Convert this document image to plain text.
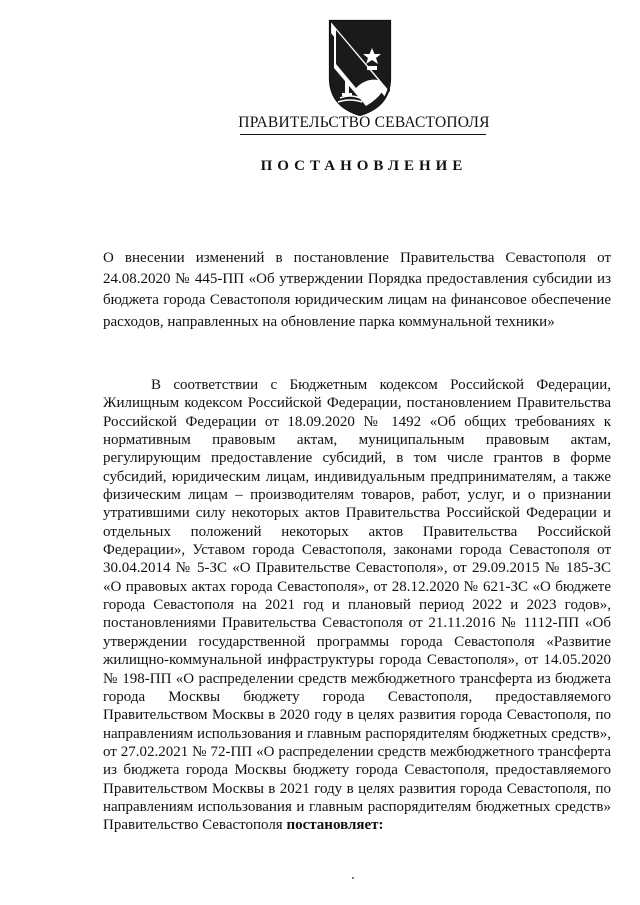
ПРАВИТЕЛЬСТВО СЕВАСТОПОЛЯ
ПОСТАНОВЛЕНИЕ
О внесении изменений в постановление Правительства Севастополя от 24.08.2020 № 445-ПП «Об утверждении Порядка предоставления субсидии из бюджета города Севастополя юридическим лицам на финансовое обеспечение расходов, направленных на обновление парка коммунальной техники»

В соответствии с Бюджетным кодексом Российской Федерации, Жилищным кодексом Российской Федерации, постановлением Правительства Российской Федерации от 18.09.2020 № 1492 «Об общих требованиях к нормативным правовым актам, муниципальным правовым актам, регулирующим предоставление субсидий, в том числе грантов в форме субсидий, юридическим лицам, индивидуальным предпринимателям, а также физическим лицам – производителям товаров, работ, услуг, и о признании утратившими силу некоторых актов Правительства Российской Федерации и отдельных положений некоторых актов Правительства Российской Федерации», Уставом города Севастополя, законами города Севастополя от 30.04.2014 № 5-ЗС «О Правительстве Севастополя», от 29.09.2015 № 185-ЗС «О правовых актах города Севастополя», от 28.12.2020 № 621-ЗС «О бюджете города Севастополя на 2021 год и плановый период 2022 и 2023 годов», постановлениями Правительства Севастополя от 21.11.2016 № 1112-ПП «Об утверждении государственной программы города Севастополя «Развитие жилищно-коммунальной инфраструктуры города Севастополя», от 14.05.2020 № 198-ПП «О распределении средств межбюджетного трансферта из бюджета города Москвы бюджету города Севастополя, предоставляемого Правительством Москвы в 2020 году в целях развития города Севастополя, по направлениям использования и главным распорядителям бюджетных средств», от 27.02.2021 № 72-ПП «О распределении средств межбюджетного трансферта из бюджета города Москвы бюджету города Севастополя, предоставляемого Правительством Москвы в 2021 году в целях развития города Севастополя, по направлениям использования и главным распорядителям бюджетных средств» Правительство Севастополя постановляет:
